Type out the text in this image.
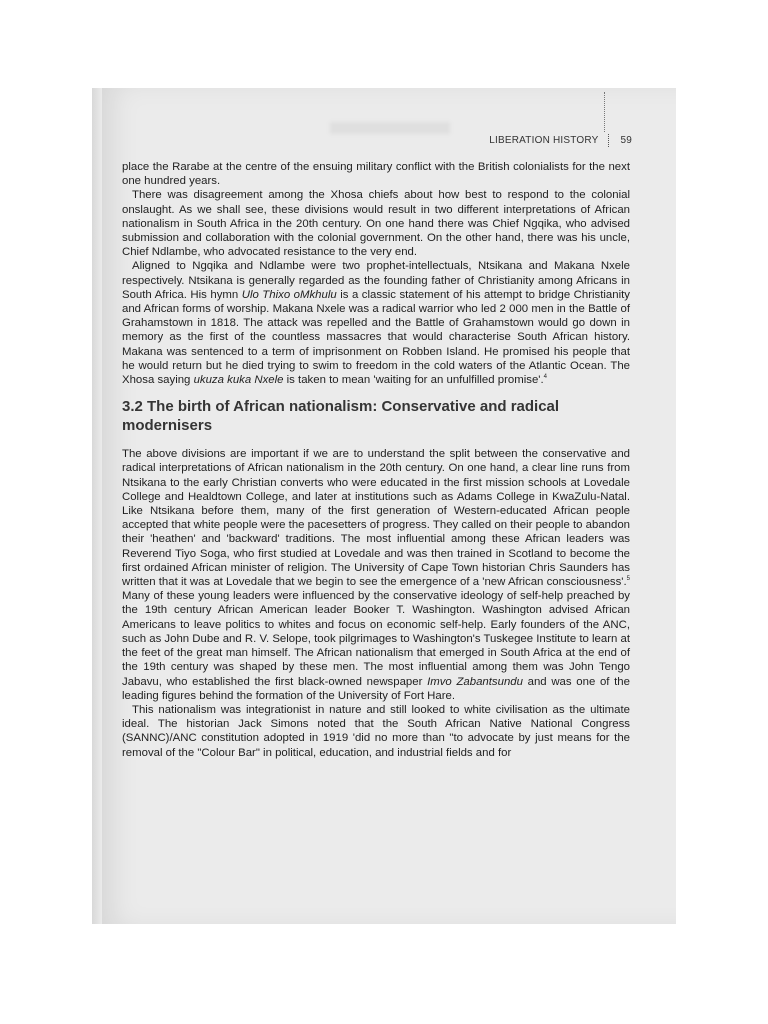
LIBERATION HISTORY 59

place the Rarabe at the centre of the ensuing military conflict with the British colonialists for the next one hundred years.

There was disagreement among the Xhosa chiefs about how best to respond to the colonial onslaught. As we shall see, these divisions would result in two different interpretations of African nationalism in South Africa in the 20th century. On one hand there was Chief Ngqika, who advised submission and collaboration with the colonial government. On the other hand, there was his uncle, Chief Ndlambe, who advocated resistance to the very end.

Aligned to Ngqika and Ndlambe were two prophet-intellectuals, Ntsikana and Makana Nxele respectively. Ntsikana is generally regarded as the founding father of Christianity among Africans in South Africa. His hymn Ulo Thixo oMkhulu is a classic statement of his attempt to bridge Christianity and African forms of worship. Makana Nxele was a radical warrior who led 2 000 men in the Battle of Grahamstown in 1818. The attack was repelled and the Battle of Grahamstown would go down in memory as the first of the countless massacres that would characterise South African history. Makana was sentenced to a term of imprisonment on Robben Island. He promised his people that he would return but he died trying to swim to freedom in the cold waters of the Atlantic Ocean. The Xhosa saying ukuza kuka Nxele is taken to mean 'waiting for an unfulfilled promise'.$^4$

3.2 The birth of African nationalism: Conservative and radical modernisers

The above divisions are important if we are to understand the split between the conservative and radical interpretations of African nationalism in the 20th century. On one hand, a clear line runs from Ntsikana to the early Christian converts who were educated in the first mission schools at Lovedale College and Healdtown College, and later at institutions such as Adams College in KwaZulu-Natal. Like Ntsikana before them, many of the first generation of Western-educated African people accepted that white people were the pacesetters of progress. They called on their people to abandon their 'heathen' and 'backward' traditions. The most influential among these African leaders was Reverend Tiyo Soga, who first studied at Lovedale and was then trained in Scotland to become the first ordained African minister of religion. The University of Cape Town historian Chris Saunders has written that it was at Lovedale that we begin to see the emergence of a 'new African consciousness'.$^5$ Many of these young leaders were influenced by the conservative ideology of self-help preached by the 19th century African American leader Booker T. Washington. Washington advised African Americans to leave politics to whites and focus on economic self-help. Early founders of the ANC, such as John Dube and R. V. Selope, took pilgrimages to Washington's Tuskegee Institute to learn at the feet of the great man himself. The African nationalism that emerged in South Africa at the end of the 19th century was shaped by these men. The most influential among them was John Tengo Jabavu, who established the first black-owned newspaper Imvo Zabantsundu and was one of the leading figures behind the formation of the University of Fort Hare.

This nationalism was integrationist in nature and still looked to white civilisation as the ultimate ideal. The historian Jack Simons noted that the South African Native National Congress (SANNC)/ANC constitution adopted in 1919 'did no more than "to advocate by just means for the removal of the "Colour Bar" in political, education, and industrial fields and for
